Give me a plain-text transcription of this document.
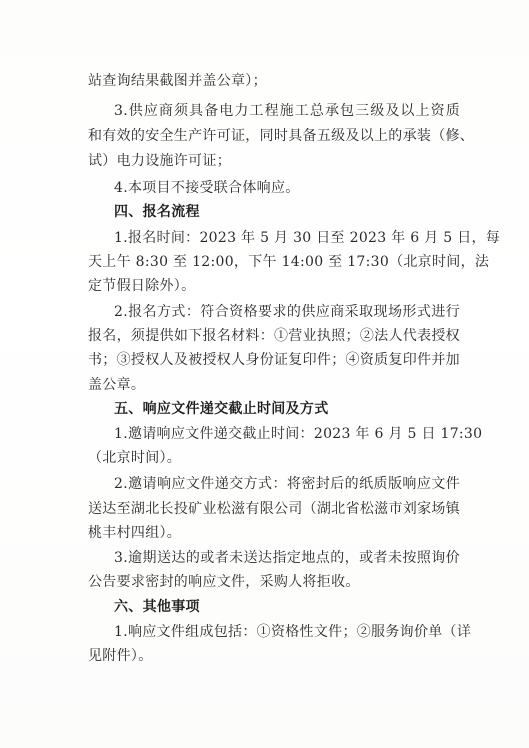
站查询结果截图并盖公章）；
3.供应商须具备电力工程施工总承包三级及以上资质
和有效的安全生产许可证，同时具备五级及以上的承装（修、
试）电力设施许可证；
4.本项目不接受联合体响应。
四、报名流程
1.报名时间：2023 年 5 月 30 日至 2023 年 6 月 5 日，每
天上午 8:30 至 12:00，下午 14:00 至 17:30（北京时间，法
定节假日除外）。
2.报名方式：符合资格要求的供应商采取现场形式进行
报名，须提供如下报名材料：①营业执照；②法人代表授权
书；③授权人及被授权人身份证复印件；④资质复印件并加
盖公章。
五、响应文件递交截止时间及方式
1.邀请响应文件递交截止时间：2023 年 6 月 5 日 17:30
（北京时间）。
2.邀请响应文件递交方式：将密封后的纸质版响应文件
送达至湖北长投矿业松滋有限公司（湖北省松滋市刘家场镇
桃丰村四组）。
3.逾期送达的或者未送达指定地点的，或者未按照询价
公告要求密封的响应文件，采购人将拒收。
六、其他事项
1.响应文件组成包括：①资格性文件；②服务询价单（详
见附件）。
